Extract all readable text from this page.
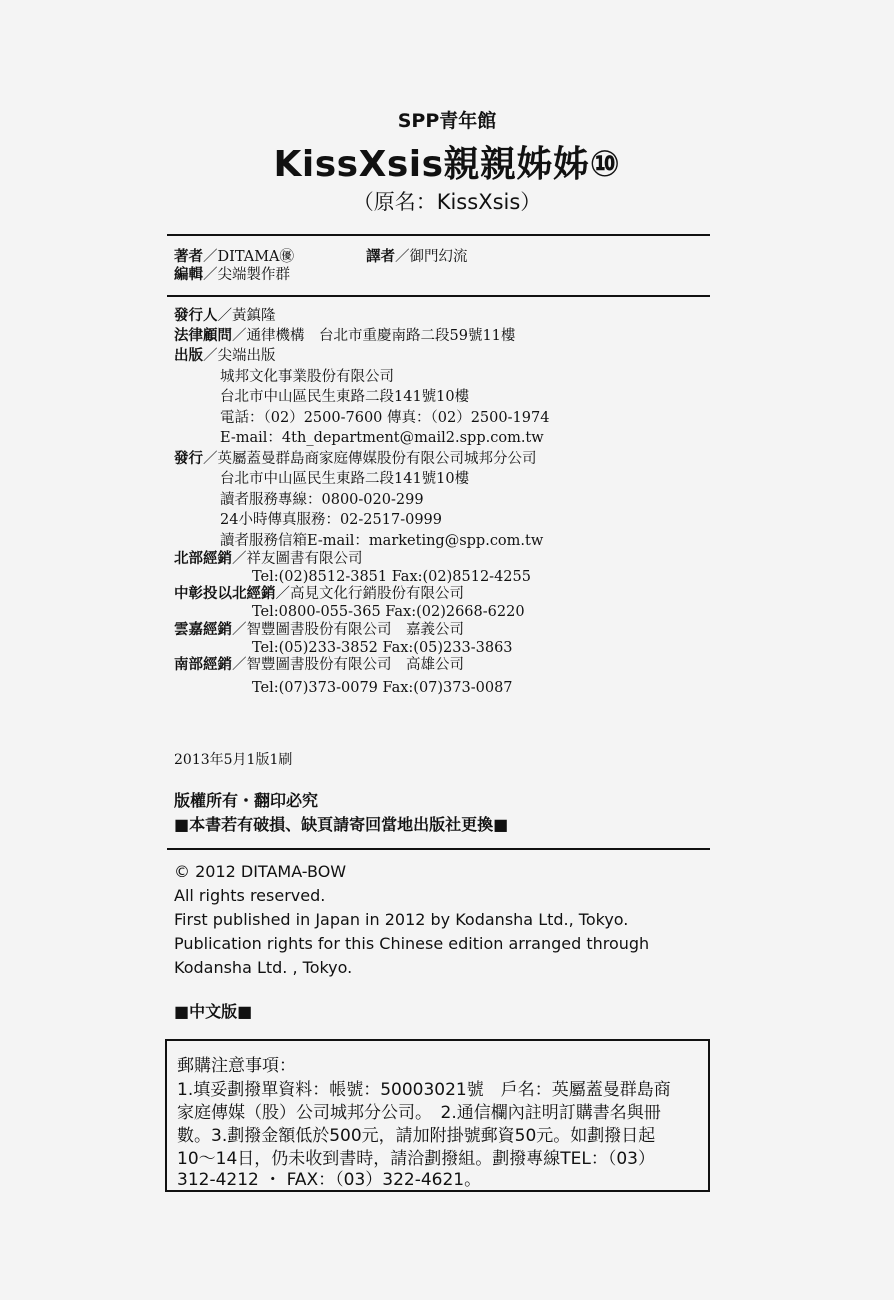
SPP青年館
KissXsis親親姊姊⑩
（原名：KissXsis）
著者／DITAMA㊝	譯者／御門幻流
編輯／尖端製作群
發行人／黃鎮隆
法律顧問／通律機構　台北市重慶南路二段59號11樓
出版／尖端出版
城邦文化事業股份有限公司
台北市中山區民生東路二段141號10樓
電話：（02）2500-7600 傳真：（02）2500-1974
E-mail：4th_department@mail2.spp.com.tw
發行／英屬蓋曼群島商家庭傳媒股份有限公司城邦分公司
台北市中山區民生東路二段141號10樓
讀者服務專線：0800-020-299
24小時傳真服務：02-2517-0999
讀者服務信箱E-mail：marketing@spp.com.tw
北部經銷／祥友圖書有限公司
Tel:(02)8512-3851 Fax:(02)8512-4255
中彰投以北經銷／高見文化行銷股份有限公司
Tel:0800-055-365 Fax:(02)2668-6220
雲嘉經銷／智豐圖書股份有限公司　嘉義公司
Tel:(05)233-3852 Fax:(05)233-3863
南部經銷／智豐圖書股份有限公司　高雄公司
Tel:(07)373-0079 Fax:(07)373-0087
2013年5月1版1刷
版權所有・翻印必究
■本書若有破損、缺頁請寄回當地出版社更換■
© 2012 DITAMA-BOW
All rights reserved.
First published in Japan in 2012 by Kodansha Ltd., Tokyo.
Publication rights for this Chinese edition arranged through
Kodansha Ltd. , Tokyo.
■中文版■
郵購注意事項：
1.填妥劃撥單資料：帳號：50003021號　戶名：英屬蓋曼群島商
家庭傳媒（股）公司城邦分公司。　2.通信欄內註明訂購書名與冊
數。3.劃撥金額低於500元，請加附掛號郵資50元。如劃撥日起
10～14日，仍未收到書時，請洽劃撥組。劃撥專線TEL：（03）
312-4212 ・ FAX：（03）322-4621。
